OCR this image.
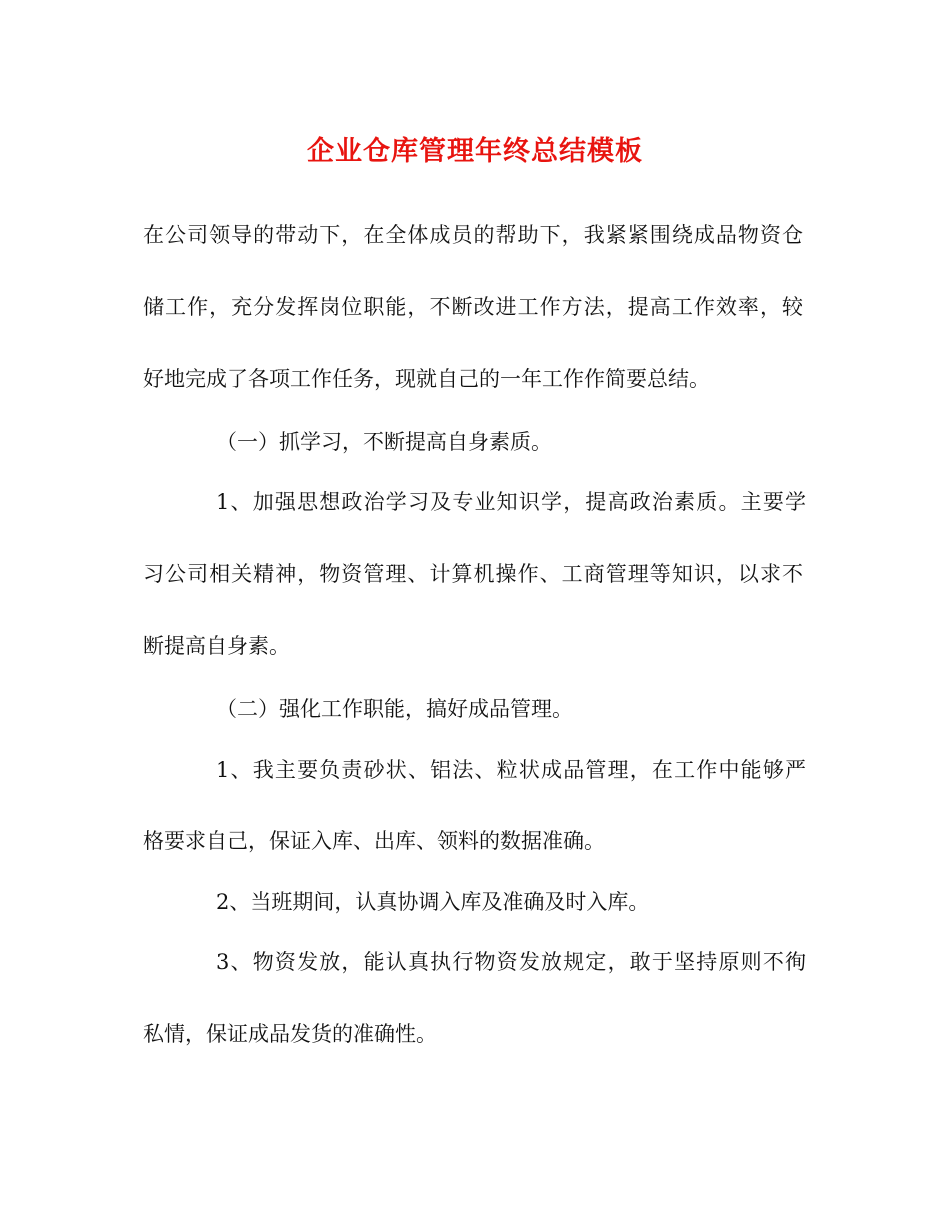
企业仓库管理年终总结模板

在公司领导的带动下，在全体成员的帮助下，我紧紧围绕成品物资仓

储工作，充分发挥岗位职能，不断改进工作方法，提高工作效率，较

好地完成了各项工作任务，现就自己的一年工作作简要总结。

（一）抓学习，不断提高自身素质。

1、加强思想政治学习及专业知识学，提高政治素质。主要学

习公司相关精神，物资管理、计算机操作、工商管理等知识，以求不

断提高自身素。

（二）强化工作职能，搞好成品管理。

1、我主要负责砂状、铝法、粒状成品管理，在工作中能够严

格要求自己，保证入库、出库、领料的数据准确。

2、当班期间，认真协调入库及准确及时入库。

3、物资发放，能认真执行物资发放规定，敢于坚持原则不徇

私情，保证成品发货的准确性。
